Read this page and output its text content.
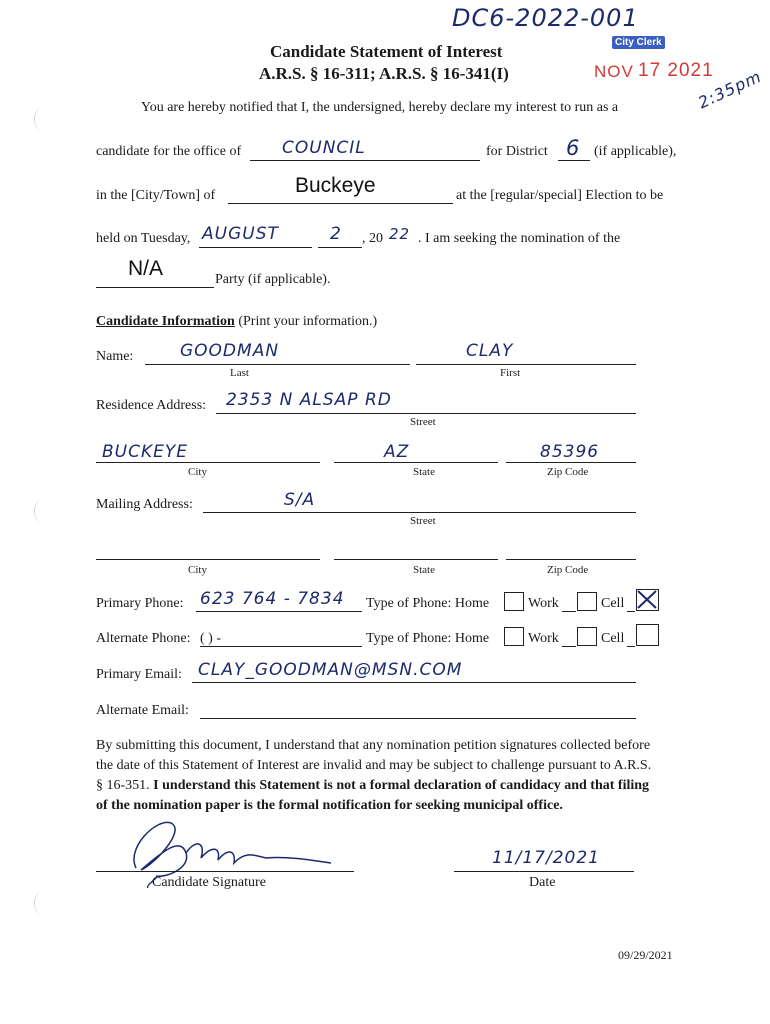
DC6-2022-001
Candidate Statement of Interest
A.R.S. § 16-311; A.R.S. § 16-341(I)
City Clerk
NOV 17 2021
2:35pm
You are hereby notified that I, the undersigned, hereby declare my interest to run as a
candidate for the office of COUNCIL	for District 6 (if applicable),
in the [City/Town] of	Buckeye	at the [regular/special] Election to be
held on Tuesday, AUGUST	2 , 20 22 . I am seeking the nomination of the
N/A	Party (if applicable).
Candidate Information (Print your information.)
Name:	GOODMAN
Last
CLAY
First
Residence Address: 2353 N ALSAP RD
Street
BUCKEYE
City
AZ
State
85396
Zip Code
Mailing Address:	S/A
Street
City	State	Zip Code
Primary Phone: 623 764 - 7834 Type of Phone: Home	Work	Cell
Alternate Phone: ( ) -	Type of Phone: Home	Work	Cell
Primary Email: CLAY_GOODMAN@MSN.COM
Alternate Email:
By submitting this document, I understand that any nomination petition signatures collected before
the date of this Statement of Interest are invalid and may be subject to challenge pursuant to A.R.S.
§ 16-351. I understand this Statement is not a formal declaration of candidacy and that filing
of the nomination paper is the formal notification for seeking municipal office.
Candidate Signature
11/17/2021
Date
09/29/2021
